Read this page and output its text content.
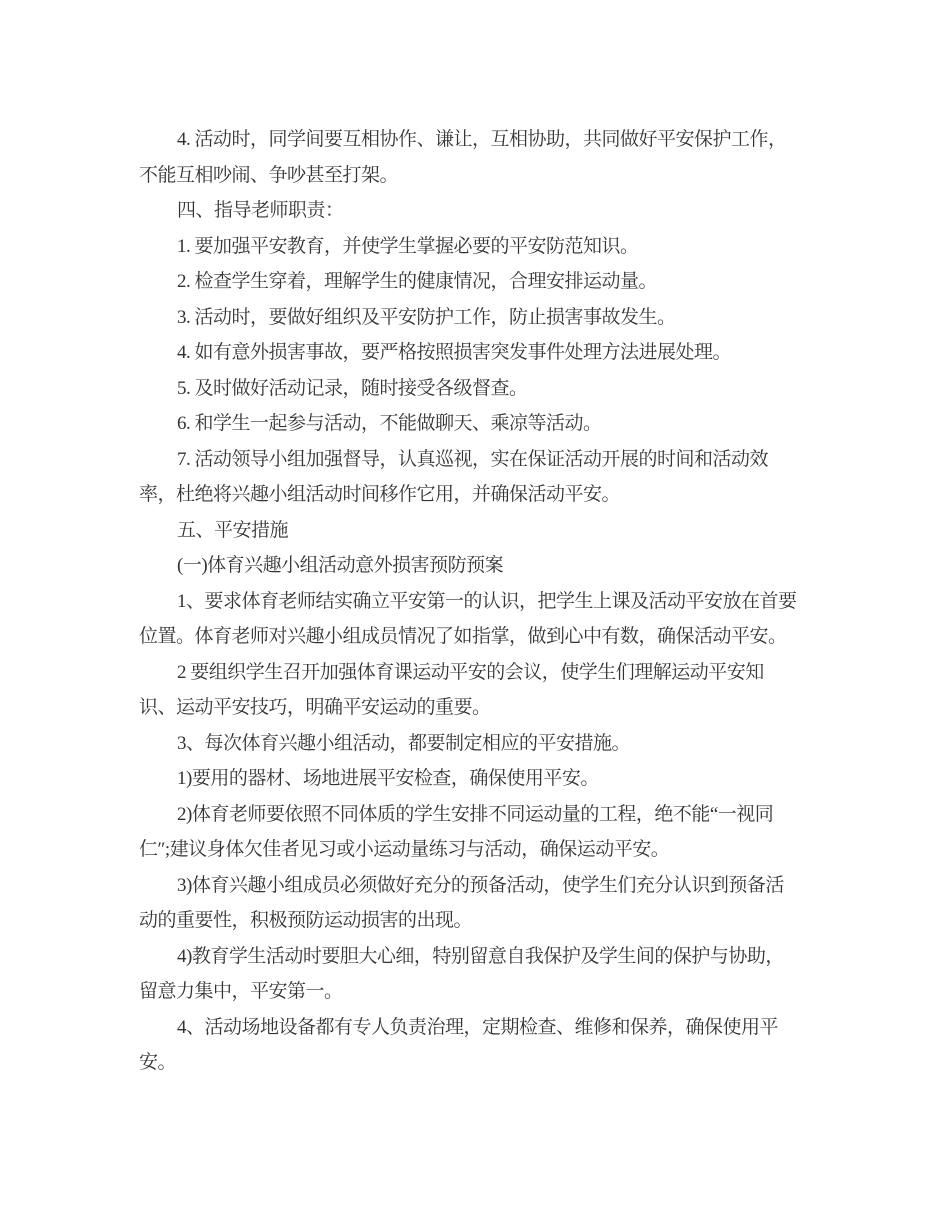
4. 活动时，同学间要互相协作、谦让，互相协助，共同做好平安保护工作，
不能互相吵闹、争吵甚至打架。
四、指导老师职责：
1. 要加强平安教育，并使学生掌握必要的平安防范知识。
2. 检查学生穿着，理解学生的健康情况，合理安排运动量。
3. 活动时，要做好组织及平安防护工作，防止损害事故发生。
4. 如有意外损害事故，要严格按照损害突发事件处理方法进展处理。
5. 及时做好活动记录，随时接受各级督查。
6. 和学生一起参与活动，不能做聊天、乘凉等活动。
7. 活动领导小组加强督导，认真巡视，实在保证活动开展的时间和活动效
率，杜绝将兴趣小组活动时间移作它用，并确保活动平安。
五、平安措施
(一)体育兴趣小组活动意外损害预防预案
1、要求体育老师结实确立平安第一的认识，把学生上课及活动平安放在首要
位置。体育老师对兴趣小组成员情况了如指掌，做到心中有数，确保活动平安。
2 要组织学生召开加强体育课运动平安的会议，使学生们理解运动平安知
识、运动平安技巧，明确平安运动的重要。
3、每次体育兴趣小组活动，都要制定相应的平安措施。
1)要用的器材、场地进展平安检查，确保使用平安。
2)体育老师要依照不同体质的学生安排不同运动量的工程，绝不能“一视同
仁″;建议身体欠佳者见习或小运动量练习与活动，确保运动平安。
3)体育兴趣小组成员必须做好充分的预备活动，使学生们充分认识到预备活
动的重要性，积极预防运动损害的出现。
4)教育学生活动时要胆大心细，特别留意自我保护及学生间的保护与协助，
留意力集中，平安第一。
4、活动场地设备都有专人负责治理，定期检查、维修和保养，确保使用平
安。
